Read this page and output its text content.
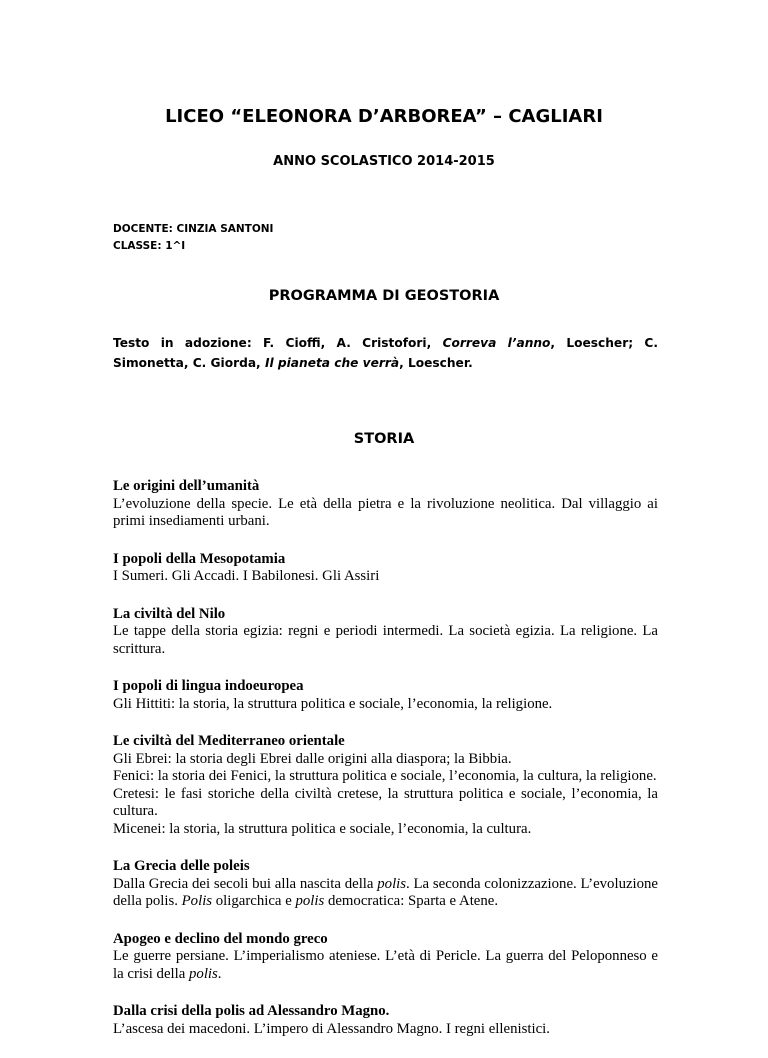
LICEO “ELEONORA D’ARBOREA” – CAGLIARI
ANNO SCOLASTICO 2014-2015
DOCENTE: CINZIA SANTONI
CLASSE: 1^I
PROGRAMMA DI GEOSTORIA
Testo in adozione: F. Cioffi, A. Cristofori, Correva l’anno, Loescher; C. Simonetta, C. Giorda, Il pianeta che verrà, Loescher.
STORIA
Le origini dell’umanità
L’evoluzione della specie. Le età della pietra e la rivoluzione neolitica. Dal villaggio ai primi insediamenti urbani.
I popoli della Mesopotamia
I Sumeri. Gli Accadi. I Babilonesi. Gli Assiri
La civiltà del Nilo
Le tappe della storia egizia: regni e periodi intermedi. La società egizia. La religione. La scrittura.
I popoli di lingua indoeuropea
Gli Hittiti: la storia, la struttura politica e sociale, l’economia, la religione.
Le civiltà del Mediterraneo orientale
Gli Ebrei: la storia degli Ebrei dalle origini alla diaspora; la Bibbia.
Fenici: la storia dei Fenici, la struttura politica e sociale, l’economia, la cultura, la religione.
Cretesi: le fasi storiche della civiltà cretese, la struttura politica e sociale, l’economia, la cultura.
Micenei: la storia, la struttura politica e sociale, l’economia, la cultura.
La Grecia delle poleis
Dalla Grecia dei secoli bui alla nascita della polis. La seconda colonizzazione. L’evoluzione della polis. Polis oligarchica e polis democratica: Sparta e Atene.
Apogeo e declino del mondo greco
Le guerre persiane. L’imperialismo ateniese. L’età di Pericle. La guerra del Peloponneso e la crisi della polis.
Dalla crisi della polis ad Alessandro Magno.
L’ascesa dei macedoni. L’impero di Alessandro Magno. I regni ellenistici.
